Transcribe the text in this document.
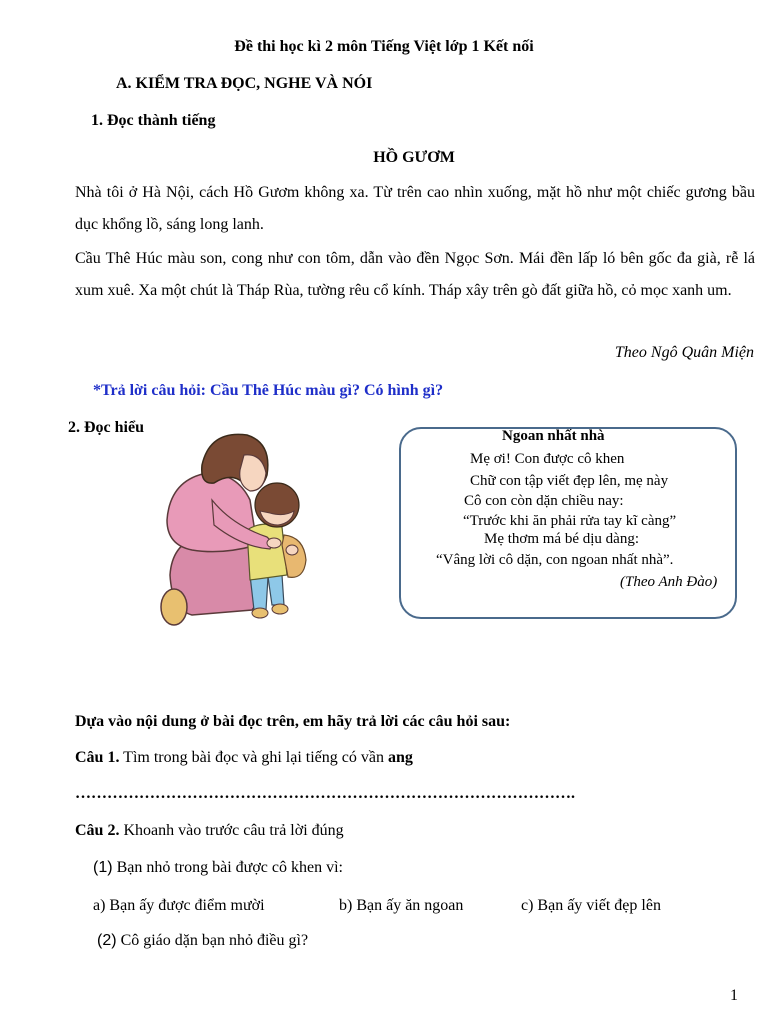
Đề thi học kì 2 môn Tiếng Việt lớp 1 Kết nối
A. KIỂM TRA ĐỌC, NGHE VÀ NÓI
1. Đọc thành tiếng
HỒ GƯƠM
Nhà tôi ở Hà Nội, cách Hồ Gươm không xa. Từ trên cao nhìn xuống, mặt hồ như một chiếc gương bầu dục khổng lồ, sáng long lanh.
Cầu Thê Húc màu son, cong như con tôm, dẫn vào đền Ngọc Sơn. Mái đền lấp ló bên gốc đa già, rễ lá xum xuê. Xa một chút là Tháp Rùa, tường rêu cổ kính. Tháp xây trên gò đất giữa hồ, cỏ mọc xanh um.
Theo Ngô Quân Miện
*Trả lời câu hỏi: Cầu Thê Húc màu gì? Có hình gì?
2. Đọc hiểu	Ngoan nhất nhà
Mẹ ơi! Con được cô khen
Chữ con tập viết đẹp lên, mẹ này
Cô con còn dặn chiều nay:
“Trước khi ăn phải rửa tay kĩ càng”
Mẹ thơm má bé dịu dàng:
“Vâng lời cô dặn, con ngoan nhất nhà”.
(Theo Anh Đào)
Dựa vào nội dung ở bài đọc trên, em hãy trả lời các câu hỏi sau:
Câu 1. Tìm trong bài đọc và ghi lại tiếng có vần ang
………………………………………………………………………………….
Câu 2. Khoanh vào trước câu trả lời đúng
(1) Bạn nhỏ trong bài được cô khen vì:
a) Bạn ấy được điểm mười	b) Bạn ấy ăn ngoan	c) Bạn ấy viết đẹp lên
(2) Cô giáo dặn bạn nhỏ điều gì?
1
